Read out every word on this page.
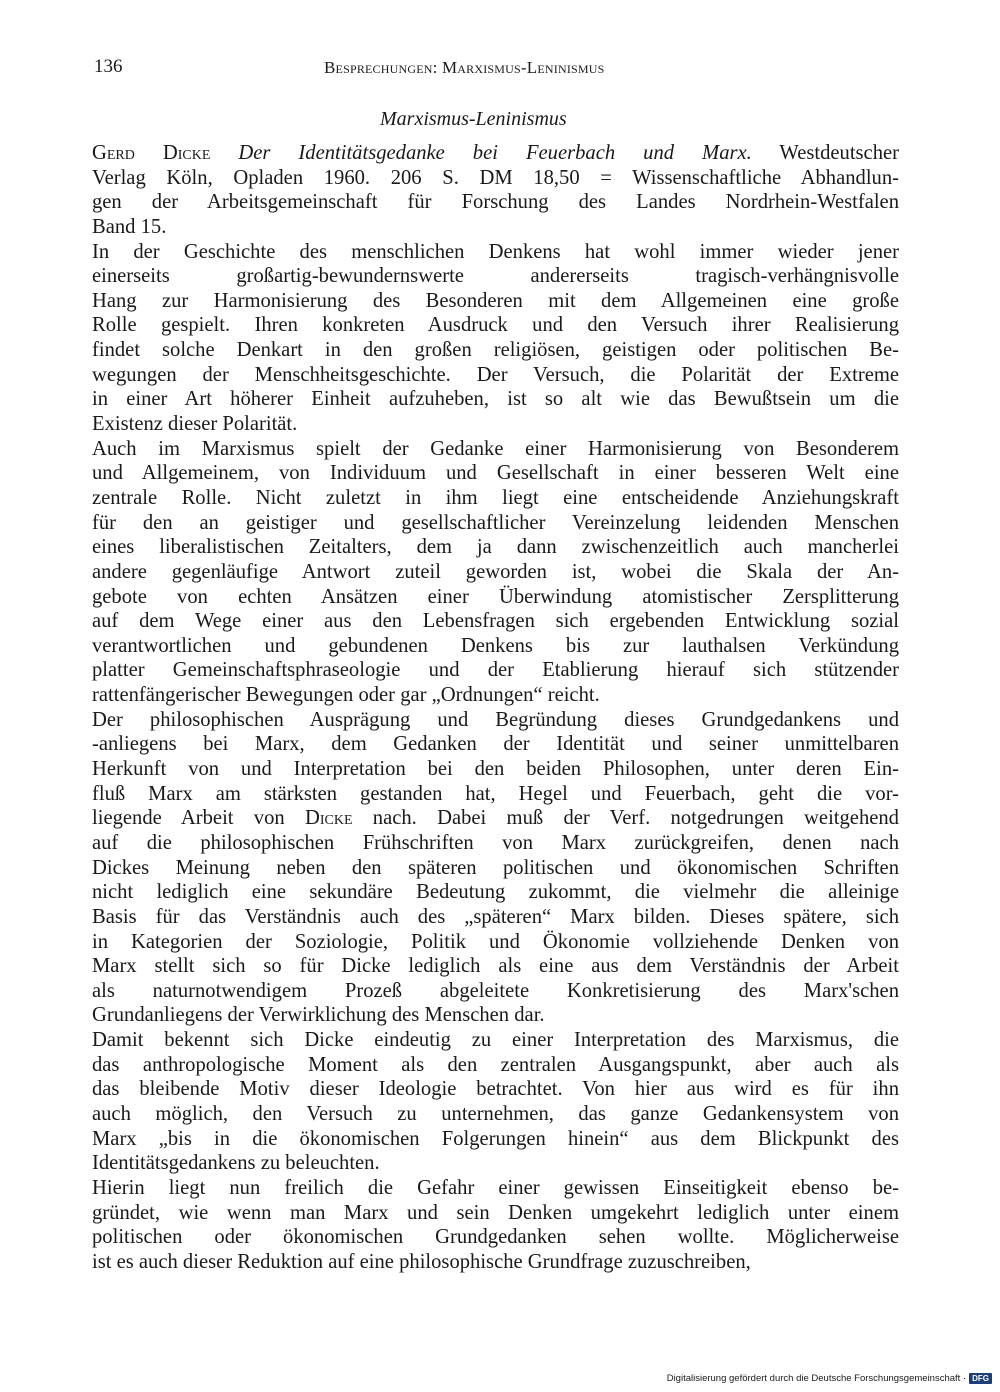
136	Besprechungen: Marxismus-Leninismus
Marxismus-Leninismus
Gerd Dicke Der Identitätsgedanke bei Feuerbach und Marx. Westdeutscher
Verlag Köln, Opladen 1960. 206 S. DM 18,50 = Wissenschaftliche Abhandlun-
gen der Arbeitsgemeinschaft für Forschung des Landes Nordrhein-Westfalen
Band 15.
In der Geschichte des menschlichen Denkens hat wohl immer wieder jener
einerseits großartig-bewundernswerte andererseits tragisch-verhängnisvolle
Hang zur Harmonisierung des Besonderen mit dem Allgemeinen eine große
Rolle gespielt. Ihren konkreten Ausdruck und den Versuch ihrer Realisierung
findet solche Denkart in den großen religiösen, geistigen oder politischen Be-
wegungen der Menschheitsgeschichte. Der Versuch, die Polarität der Extreme
in einer Art höherer Einheit aufzuheben, ist so alt wie das Bewußtsein um die
Existenz dieser Polarität.
Auch im Marxismus spielt der Gedanke einer Harmonisierung von Besonderem
und Allgemeinem, von Individuum und Gesellschaft in einer besseren Welt eine
zentrale Rolle. Nicht zuletzt in ihm liegt eine entscheidende Anziehungskraft
für den an geistiger und gesellschaftlicher Vereinzelung leidenden Menschen
eines liberalistischen Zeitalters, dem ja dann zwischenzeitlich auch mancherlei
andere gegenläufige Antwort zuteil geworden ist, wobei die Skala der An-
gebote von echten Ansätzen einer Überwindung atomistischer Zersplitterung
auf dem Wege einer aus den Lebensfragen sich ergebenden Entwicklung sozial
verantwortlichen und gebundenen Denkens bis zur lauthalsen Verkündung
platter Gemeinschaftsphraseologie und der Etablierung hierauf sich stützender
rattenfängerischer Bewegungen oder gar „Ordnungen“ reicht.
Der philosophischen Ausprägung und Begründung dieses Grundgedankens und
-anliegens bei Marx, dem Gedanken der Identität und seiner unmittelbaren
Herkunft von und Interpretation bei den beiden Philosophen, unter deren Ein-
fluß Marx am stärksten gestanden hat, Hegel und Feuerbach, geht die vor-
liegende Arbeit von Dicke nach. Dabei muß der Verf. notgedrungen weitgehend
auf die philosophischen Frühschriften von Marx zurückgreifen, denen nach
Dickes Meinung neben den späteren politischen und ökonomischen Schriften
nicht lediglich eine sekundäre Bedeutung zukommt, die vielmehr die alleinige
Basis für das Verständnis auch des „späteren“ Marx bilden. Dieses spätere, sich
in Kategorien der Soziologie, Politik und Ökonomie vollziehende Denken von
Marx stellt sich so für Dicke lediglich als eine aus dem Verständnis der Arbeit
als naturnotwendigem Prozeß abgeleitete Konkretisierung des Marx'schen
Grundanliegens der Verwirklichung des Menschen dar.
Damit bekennt sich Dicke eindeutig zu einer Interpretation des Marxismus, die
das anthropologische Moment als den zentralen Ausgangspunkt, aber auch als
das bleibende Motiv dieser Ideologie betrachtet. Von hier aus wird es für ihn
auch möglich, den Versuch zu unternehmen, das ganze Gedankensystem von
Marx „bis in die ökonomischen Folgerungen hinein“ aus dem Blickpunkt des
Identitätsgedankens zu beleuchten.
Hierin liegt nun freilich die Gefahr einer gewissen Einseitigkeit ebenso be-
gründet, wie wenn man Marx und sein Denken umgekehrt lediglich unter einem
politischen oder ökonomischen Grundgedanken sehen wollte. Möglicherweise
ist es auch dieser Reduktion auf eine philosophische Grundfrage zuzuschreiben,
Digitalisierung gefördert durch die Deutsche Forschungsgemeinschaft · DFG
